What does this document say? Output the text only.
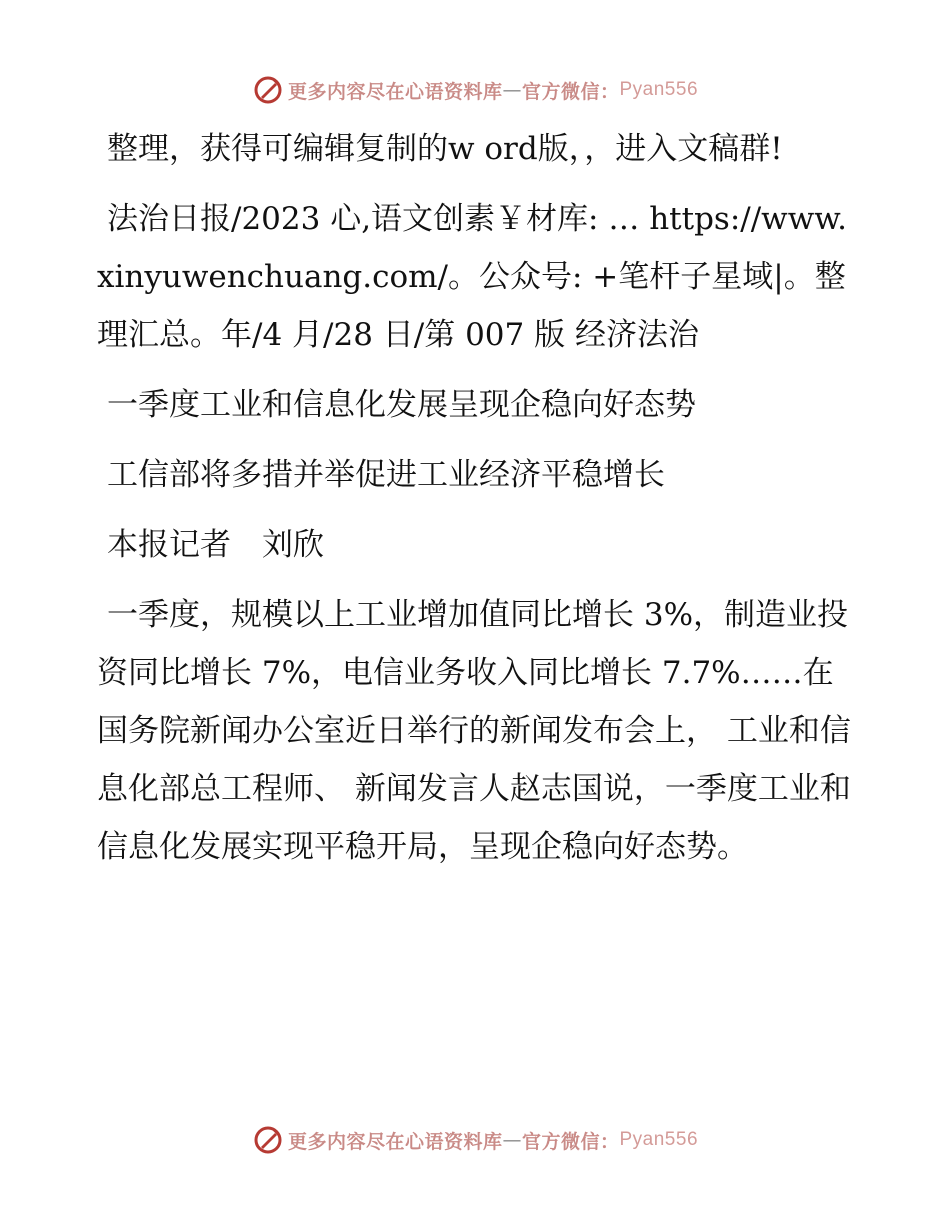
更多内容尽在心语资料库 — 官方微信： Pyan556

整理，获得可编辑复制的w ord版，，进入文稿群!

法治日报/2023 心,语文创素￥材库: … https://www.xinyuwenchuang.com/。公众号: +笔杆子星域|。整理汇总。年/4 月/28 日/第 007 版 经济法治

一季度工业和信息化发展呈现企稳向好态势

工信部将多措并举促进工业经济平稳增长

本报记者　刘欣

一季度，规模以上工业增加值同比增长 3%，制造业投资同比增长 7%，电信业务收入同比增长 7.7%……在国务院新闻办公室近日举行的新闻发布会上， 工业和信息化部总工程师、 新闻发言人赵志国说，一季度工业和信息化发展实现平稳开局，呈现企稳向好态势。

更多内容尽在心语资料库 — 官方微信： Pyan556
